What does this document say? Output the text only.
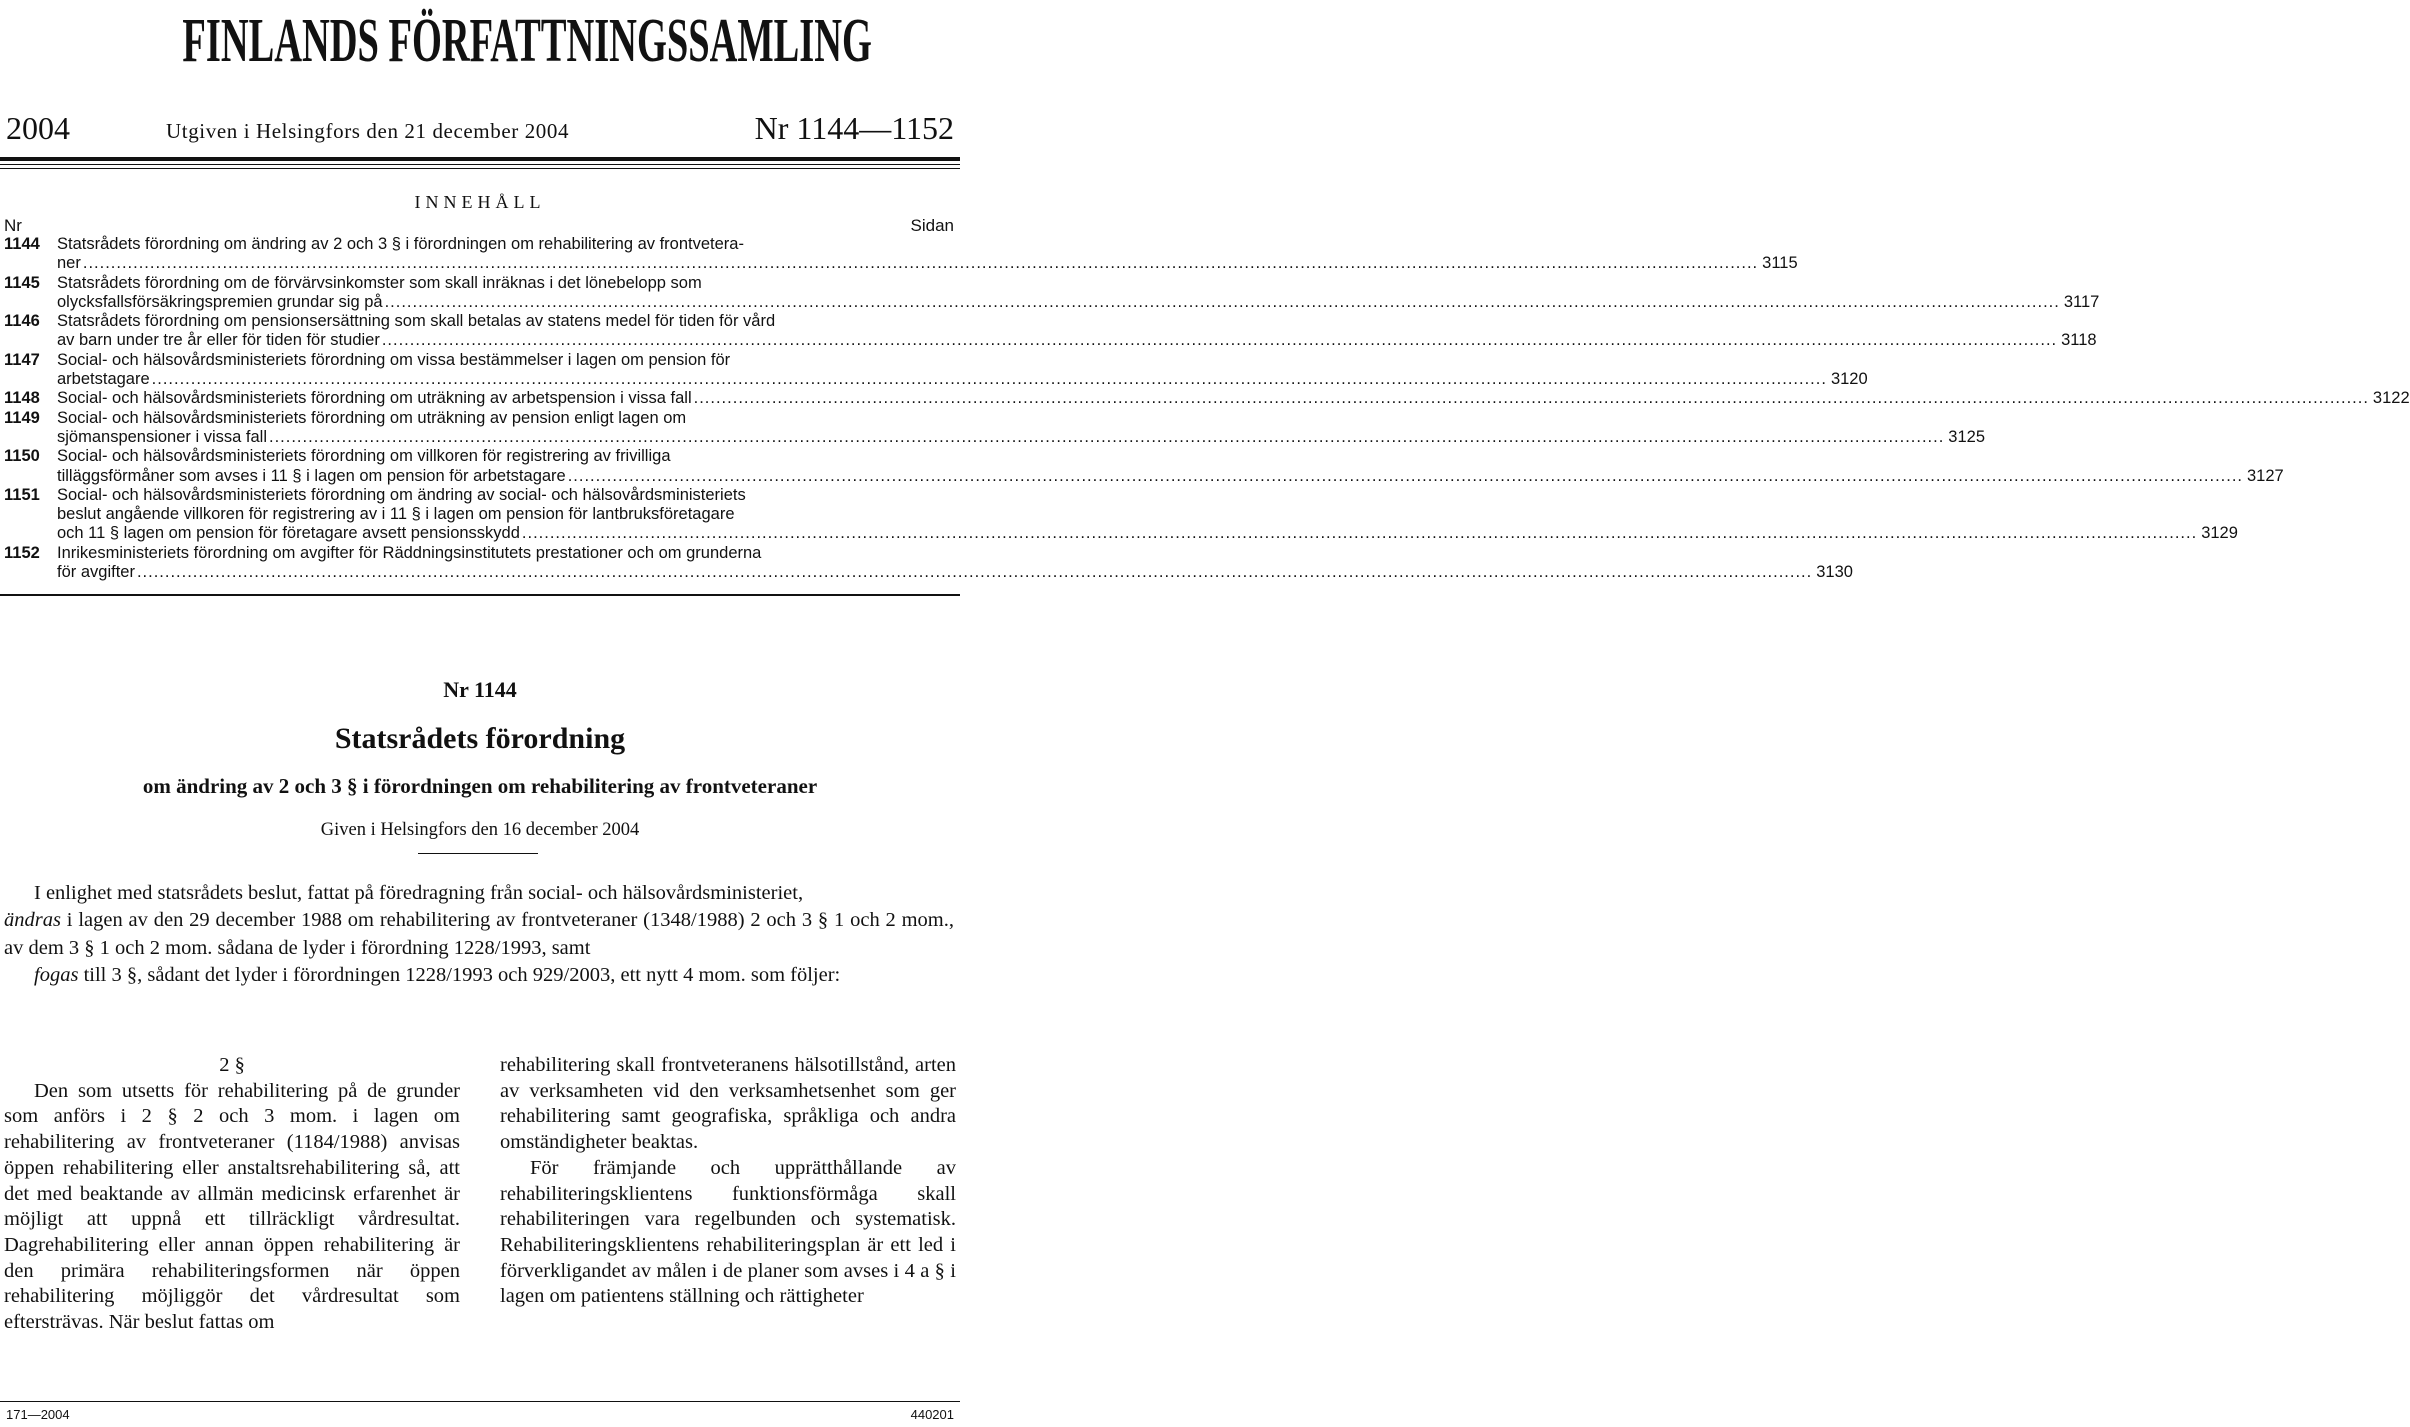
FINLANDS FÖRFATTNINGSSAMLING
2004	Utgiven i Helsingfors den 21 december 2004	Nr 1144—1152
INNEHÅLL
Nr	Sidan
1144 Statsrådets förordning om ändring av 2 och 3 § i förordningen om rehabilitering av frontvetera-
ner ............................................................................................................................................................................................................................................................................................................ 3115
1145 Statsrådets förordning om de förvärvsinkomster som skall inräknas i det lönebelopp som
olycksfallsförsäkringspremien grundar sig på ............................................................................................................................................................................................................................................................................................................ 3117
1146 Statsrådets förordning om pensionsersättning som skall betalas av statens medel för tiden för vård
av barn under tre år eller för tiden för studier ............................................................................................................................................................................................................................................................................................................ 3118
1147 Social- och hälsovårdsministeriets förordning om vissa bestämmelser i lagen om pension för
arbetstagare ............................................................................................................................................................................................................................................................................................................ 3120
1148 Social- och hälsovårdsministeriets förordning om uträkning av arbetspension i vissa fall ............................................................................................................................................................................................................................................................................................................ 3122
1149 Social- och hälsovårdsministeriets förordning om uträkning av pension enligt lagen om
sjömanspensioner i vissa fall ............................................................................................................................................................................................................................................................................................................ 3125
1150 Social- och hälsovårdsministeriets förordning om villkoren för registrering av frivilliga
tilläggsförmåner som avses i 11 § i lagen om pension för arbetstagare ............................................................................................................................................................................................................................................................................................................ 3127
1151 Social- och hälsovårdsministeriets förordning om ändring av social- och hälsovårdsministeriets
beslut angående villkoren för registrering av i 11 § i lagen om pension för lantbruksföretagare
och 11 § lagen om pension för företagare avsett pensionsskydd ............................................................................................................................................................................................................................................................................................................ 3129
1152 Inrikesministeriets förordning om avgifter för Räddningsinstitutets prestationer och om grunderna
för avgifter ............................................................................................................................................................................................................................................................................................................ 3130
Nr 1144
Statsrådets förordning
om ändring av 2 och 3 § i förordningen om rehabilitering av frontveteraner
Given i Helsingfors den 16 december 2004

I enlighet med statsrådets beslut, fattat på föredragning från social- och hälsovårdsministeriet,

ändras i lagen av den 29 december 1988 om rehabilitering av frontveteraner (1348/1988) 2 och 3 § 1 och 2 mom., av dem 3 § 1 och 2 mom. sådana de lyder i förordning 1228/1993, samt

fogas till 3 §, sådant det lyder i förordningen 1228/1993 och 929/2003, ett nytt 4 mom. som följer:

2 §

Den som utsetts för rehabilitering på de grunder som anförs i 2 § 2 och 3 mom. i lagen om rehabilitering av frontveteraner (1184/1988) anvisas öppen rehabilitering eller anstaltsrehabilitering så, att det med beaktande av allmän medicinsk erfarenhet är möjligt att uppnå ett tillräckligt vårdresultat. Dagrehabilitering eller annan öppen rehabilitering är den primära rehabiliteringsformen när öppen rehabilitering möjliggör det vårdresultat som eftersträvas. När beslut fattas om

rehabilitering skall frontveteranens hälsotillstånd, arten av verksamheten vid den verksamhetsenhet som ger rehabilitering samt geografiska, språkliga och andra omständigheter beaktas.

För främjande och upprätthållande av rehabiliteringsklientens funktionsförmåga skall rehabiliteringen vara regelbunden och systematisk. Rehabiliteringsklientens rehabiliteringsplan är ett led i förverkligandet av målen i de planer som avses i 4 a § i lagen om patientens ställning och rättigheter

171—2004	440201
